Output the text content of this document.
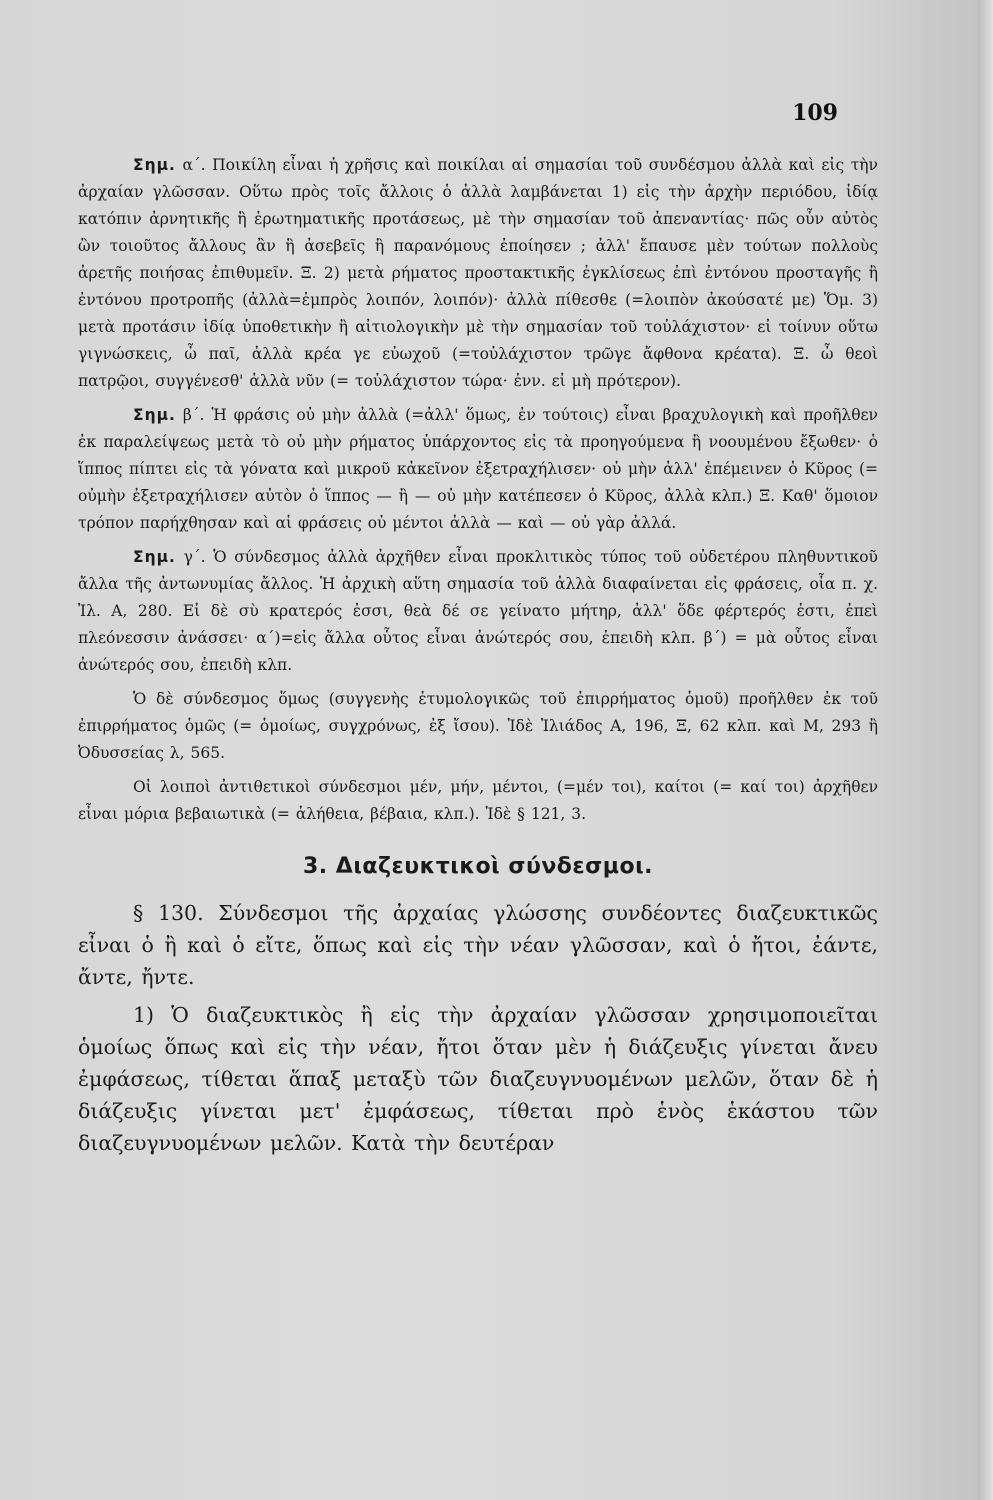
109

Σημ. α΄. Ποικίλη εἶναι ἡ χρῆσις καὶ ποικίλαι αἱ σημασίαι τοῦ συνδέσμου ἀλλὰ καὶ εἰς τὴν ἀρχαίαν γλῶσσαν. Οὕτω πρὸς τοῖς ἄλλοις ὁ ἀλλὰ λαμβάνεται 1) εἰς τὴν ἀρχὴν περιόδου, ἰδίᾳ κατόπιν ἀρνητικῆς ἢ ἐρωτηματικῆς προτάσεως, μὲ τὴν σημασίαν τοῦ ἀπεναντίας· πῶς οὖν αὐτὸς ὢν τοιοῦτος ἄλλους ἂν ἢ ἀσεβεῖς ἢ παρανόμους ἐποίησεν ; ἀλλ' ἔπαυσε μὲν τούτων πολλοὺς ἀρετῆς ποιήσας ἐπιθυμεῖν. Ξ. 2) μετὰ ρήματος προστακτικῆς ἐγκλίσεως ἐπὶ ἐντόνου προσταγῆς ἢ ἐντόνου προτροπῆς (ἀλλὰ=ἐμπρὸς λοιπόν, λοιπόν)· ἀλλὰ πίθεσθε (=λοιπὸν ἀκούσατέ με) Ὅμ. 3) μετὰ προτάσιν ἰδίᾳ ὑποθετικὴν ἢ αἰτιολογικὴν μὲ τὴν σημασίαν τοῦ τοὐλάχιστον· εἰ τοίνυν οὕτω γιγνώσκεις, ὦ παῖ, ἀλλὰ κρέα γε εὐωχοῦ (=τοὐλάχιστον τρῶγε ἄφθονα κρέατα). Ξ. ὦ θεοὶ πατρῷοι, συγγένεσθ' ἀλλὰ νῦν (= τοὐλάχιστον τώρα· ἐνν. εἰ μὴ πρότερον).

Σημ. β΄. Ἡ φράσις οὐ μὴν ἀλλὰ (=ἀλλ' ὅμως, ἐν τούτοις) εἶναι βραχυλογικὴ καὶ προῆλθεν ἐκ παραλείψεως μετὰ τὸ οὐ μὴν ρήματος ὑπάρχοντος εἰς τὰ προηγούμενα ἢ νοουμένου ἔξωθεν· ὁ ἵππος πίπτει εἰς τὰ γόνατα καὶ μικροῦ κἀκεῖνον ἐξετραχήλισεν· οὐ μὴν ἀλλ' ἐπέμεινεν ὁ Κῦρος (= οὐμὴν ἐξετραχήλισεν αὐτὸν ὁ ἵππος — ἢ — οὐ μὴν κατέπεσεν ὁ Κῦρος, ἀλλὰ κλπ.) Ξ. Καθ' ὅμοιον τρόπον παρήχθησαν καὶ αἱ φράσεις οὐ μέντοι ἀλλὰ — καὶ — οὐ γὰρ ἀλλά.

Σημ. γ΄. Ὁ σύνδεσμος ἀλλὰ ἀρχῆθεν εἶναι προκλιτικὸς τύπος τοῦ οὐδετέρου πληθυντικοῦ ἄλλα τῆς ἀντωνυμίας ἄλλος. Ἡ ἀρχικὴ αὕτη σημασία τοῦ ἀλλὰ διαφαίνεται εἰς φράσεις, οἷα π. χ. Ἰλ. Α, 280. Εἰ δὲ σὺ κρατερός ἐσσι, θεὰ δέ σε γείνατο μήτηρ, ἀλλ' ὅδε φέρτερός ἐστι, ἐπεὶ πλεόνεσσιν ἀνάσσει· α΄)=εἰς ἄλλα οὗτος εἶναι ἀνώτερός σου, ἐπειδὴ κλπ. β΄) = μὰ οὗτος εἶναι ἀνώτερός σου, ἐπειδὴ κλπ.

Ὁ δὲ σύνδεσμος ὅμως (συγγενὴς ἐτυμολογικῶς τοῦ ἐπιρρήματος ὁμοῦ) προῆλθεν ἐκ τοῦ ἐπιρρήματος ὁμῶς (= ὁμοίως, συγχρόνως, ἐξ ἴσου). Ἰδὲ Ἰλιάδος Α, 196, Ξ, 62 κλπ. καὶ Μ, 293 ἢ Ὀδυσσείας λ, 565.

Οἱ λοιποὶ ἀντιθετικοὶ σύνδεσμοι μέν, μήν, μέντοι, (=μέν τοι), καίτοι (= καί τοι) ἀρχῆθεν εἶναι μόρια βεβαιωτικὰ (= ἀλήθεια, βέβαια, κλπ.). Ἰδὲ § 121, 3.

3. Διαζευκτικοὶ σύνδεσμοι.

§ 130. Σύνδεσμοι τῆς ἀρχαίας γλώσσης συνδέοντες διαζευκτικῶς εἶναι ὁ ἢ καὶ ὁ εἴτε, ὅπως καὶ εἰς τὴν νέαν γλῶσσαν, καὶ ὁ ἤτοι, ἐάντε, ἄντε, ἤντε.

1) Ὁ διαζευκτικὸς ἢ εἰς τὴν ἀρχαίαν γλῶσσαν χρησιμοποιεῖται ὁμοίως ὅπως καὶ εἰς τὴν νέαν, ἤτοι ὅταν μὲν ἡ διάζευξις γίνεται ἄνευ ἐμφάσεως, τίθεται ἅπαξ μεταξὺ τῶν διαζευγνυομένων μελῶν, ὅταν δὲ ἡ διάζευξις γίνεται μετ' ἐμφάσεως, τίθεται πρὸ ἑνὸς ἑκάστου τῶν διαζευγνυομένων μελῶν. Κατὰ τὴν δευτέραν
